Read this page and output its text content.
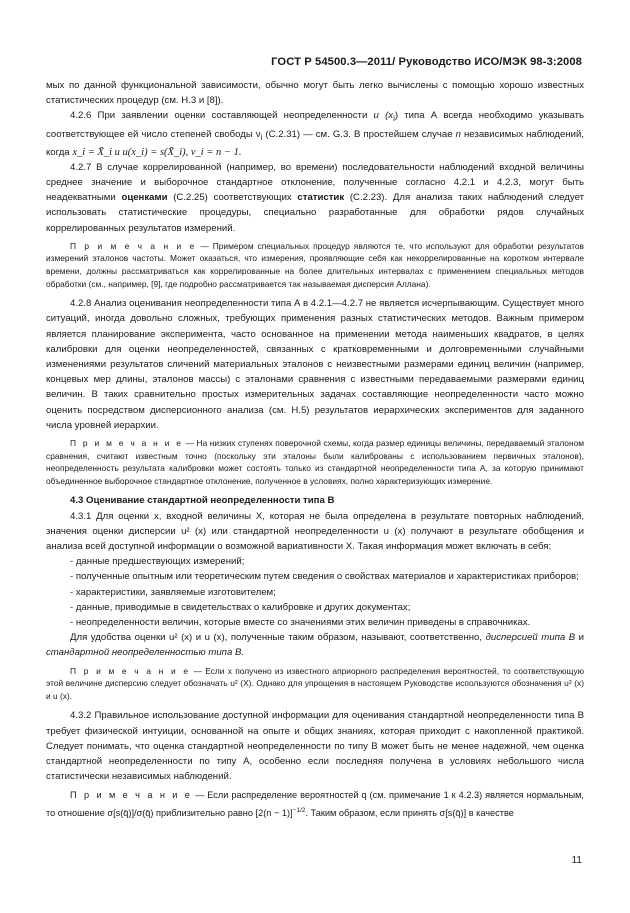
ГОСТ Р 54500.3—2011/ Руководство ИСО/МЭК 98-3:2008

мых по данной функциональной зависимости, обычно могут быть легко вычислены с помощью хорошо известных статистических процедур (см. Н.3 и [8]).

4.2.6 При заявлении оценки составляющей неопределенности u $(x_i)$ типа А всегда необходимо указывать соответствующее ей число степеней свободы $\nu_i$ (С.2.31) — см. G.3. В простейшем случае n независимых наблюдений, когда x_i = X̄_i и u(x_i) = s(X̄_i), ν_i = n − 1.

4.2.7 В случае коррелированной (например, во времени) последовательности наблюдений входной величины среднее значение и выборочное стандартное отклонение, полученные согласно 4.2.1 и 4.2.3, могут быть неадекватными оценками (С.2.25) соответствующих статистик (С.2.23). Для анализа таких наблюдений следует использовать статистические процедуры, специально разработанные для обработки рядов случайных коррелированных результатов измерений.

П р и м е ч а н и е — Примером специальных процедур являются те, что используют для обработки результатов измерений эталонов частоты. Может оказаться, что измерения, проявляющие себя как некоррелированные на коротком интервале времени, должны рассматриваться как коррелированные на более длительных интервалах с применением специальных методов обработки (см., например, [9], где подробно рассматривается так называемая дисперсия Аллана).

4.2.8 Анализ оценивания неопределенности типа А в 4.2.1—4.2.7 не является исчерпывающим. Существует много ситуаций, иногда довольно сложных, требующих применения разных статистических методов. Важным примером является планирование эксперимента, часто основанное на применении метода наименьших квадратов, в целях калибровки для оценки неопределенностей, связанных с кратковременными и долговременными случайными изменениями результатов сличений материальных эталонов с неизвестными размерами единиц величин (например, концевых мер длины, эталонов массы) с эталонами сравнения с известными передаваемыми размерами единиц величин. В таких сравнительно простых измерительных задачах составляющие неопределенности часто можно оценить посредством дисперсионного анализа (см. Н.5) результатов иерархических экспериментов для заданного числа уровней иерархии.

П р и м е ч а н и е — На низких ступенях поверочной схемы, когда размер единицы величины, передаваемый эталоном сравнения, считают известным точно (поскольку эти эталоны были калиброваны с использованием первичных эталонов), неопределенность результата калибровки может состоять только из стандартной неопределенности типа А, за которую принимают объединенное выборочное стандартное отклонение, полученное в условиях, полно характеризующих измерение.

4.3 Оценивание стандартной неопределенности типа В

4.3.1 Для оценки x, входной величины X, которая не была определена в результате повторных наблюдений, значения оценки дисперсии u² (x) или стандартной неопределенности u (x) получают в результате обобщения и анализа всей доступной информации о возможной вариативности X. Такая информация может включать в себя:

- данные предшествующих измерений;

- полученные опытным или теоретическим путем сведения о свойствах материалов и характеристиках приборов;

- характеристики, заявляемые изготовителем;

- данные, приводимые в свидетельствах о калибровке и других документах;

- неопределенности величин, которые вместе со значениями этих величин приведены в справочниках.

Для удобства оценки u² (x) и u (x), полученные таким образом, называют, соответственно, дисперсией типа В и стандартной неопределенностью типа В.

П р и м е ч а н и е — Если x получено из известного априорного распределения вероятностей, то соответствующую этой величине дисперсию следует обозначать u² (X). Однако для упрощения в настоящем Руководстве используются обозначения u² (x) и u (x).

4.3.2 Правильное использование доступной информации для оценивания стандартной неопределенности типа В требует физической интуиции, основанной на опыте и общих знаниях, которая приходит с накопленной практикой. Следует понимать, что оценка стандартной неопределенности по типу В может быть не менее надежной, чем оценка стандартной неопределенности по типу А, особенно если последняя получена в условиях небольшого числа статистически независимых наблюдений.

П р и м е ч а н и е — Если распределение вероятностей q (см. примечание 1 к 4.2.3) является нормальным, то отношение σ[s(q̄)]/σ(q̄) приблизительно равно $[2(n - 1)]^{-1/2}$. Таким образом, если принять σ[s(q̄)] в качестве

11
